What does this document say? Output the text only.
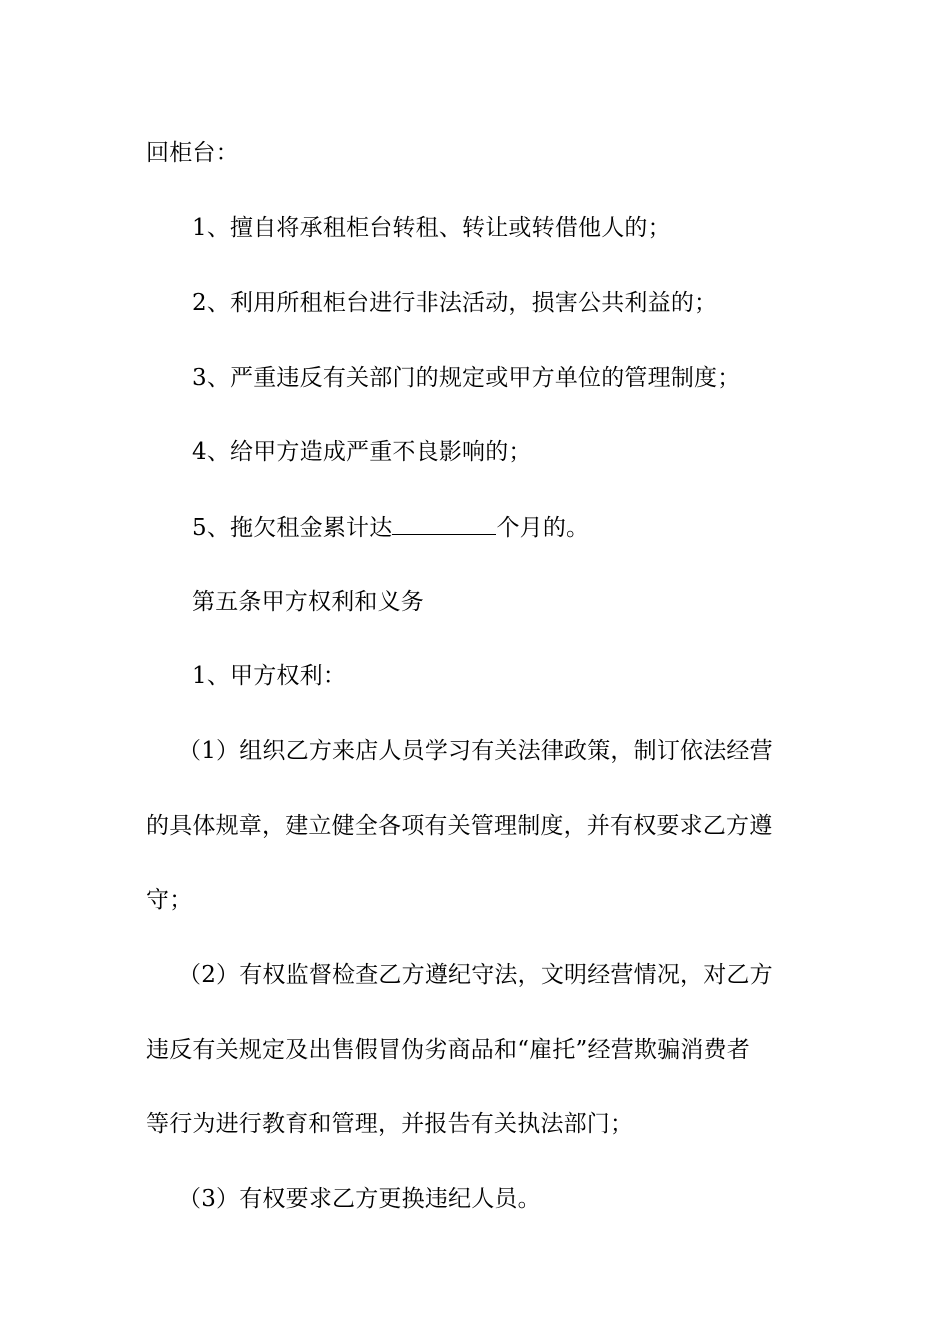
回柜台：
1、擅自将承租柜台转租、转让或转借他人的；
2、利用所租柜台进行非法活动，损害公共利益的；
3、严重违反有关部门的规定或甲方单位的管理制度；
4、给甲方造成严重不良影响的；
5、拖欠租金累计达	个月的。
第五条甲方权利和义务
1、甲方权利：
（1）组织乙方来店人员学习有关法律政策，制订依法经营
的具体规章，建立健全各项有关管理制度，并有权要求乙方遵
守；
（2）有权监督检查乙方遵纪守法，文明经营情况，对乙方
违反有关规定及出售假冒伪劣商品和“雇托”经营欺骗消费者
等行为进行教育和管理，并报告有关执法部门；
（3）有权要求乙方更换违纪人员。
